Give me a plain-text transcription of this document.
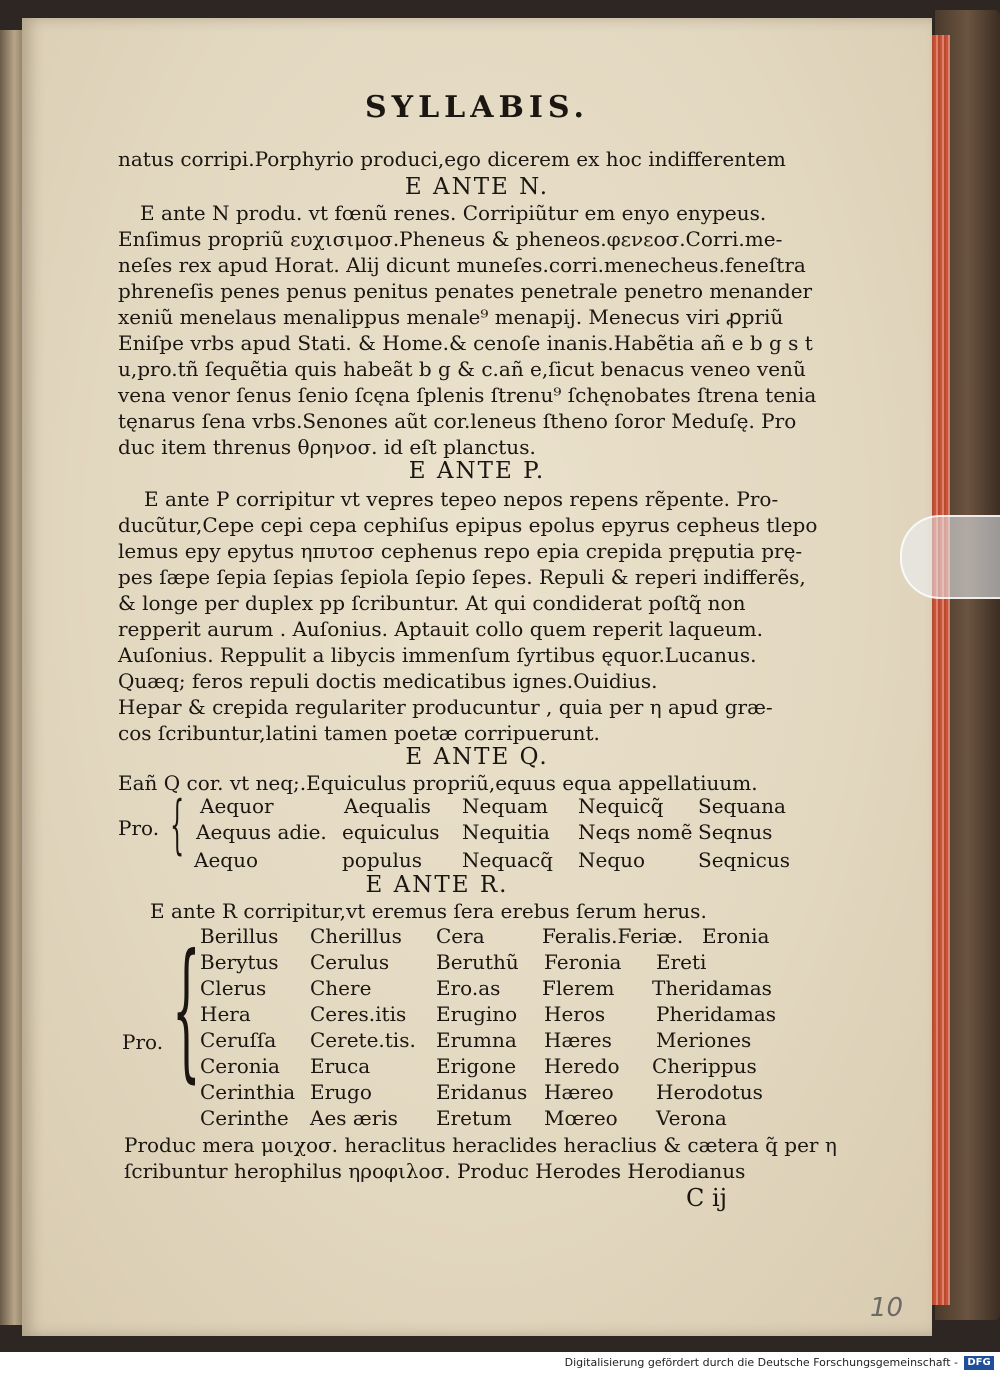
SYLLABIS.
natus corripi.Porphyrio produci,ego dicerem ex hoc indifferentem
E ANTE N.
E ante N produ. vt fœnũ renes. Corripiũtur em enyo enypeus.
Enſimus propriũ ευχισιμοσ.Pheneus & pheneos.φενεοσ.Corri.me-
neſes rex apud Horat. Alij dicunt muneſes.corri.menecheus.feneſtra
phreneſis penes penus penitus penates penetrale penetro menander
xeniũ menelaus menalippus menale⁹ menapij. Menecus viri ꝓpriũ
Eniſpe vrbs apud Stati. & Home.& cenoſe inanis.Habẽtia añ e b g s t
u,pro.tñ ſequẽtia quis habeãt b g & c.añ e,ſicut benacus veneo venũ
vena venor ſenus ſenio ſcęna ſplenis ſtrenu⁹ ſchęnobates ſtrena tenia
tęnarus ſena vrbs.Senones aũt cor.leneus ſtheno ſoror Meduſę. Pro
duc item threnus θρηνοσ. id eſt planctus.
E ANTE P.
E ante P corripitur vt vepres tepeo nepos repens rẽpente. Pro-
ducũtur,Cepe cepi cepa cephiſus epipus epolus epyrus cepheus tlepo
lemus epy epytus ηπυτοσ cephenus repo epia crepida pręputia prę-
pes ſæpe ſepia ſepias ſepiola ſepio ſepes. Repuli & reperi indifferẽs,
& longe per duplex pp ſcribuntur. At qui condiderat poſtq̃ non
repperit aurum . Auſonius. Aptauit collo quem reperit laqueum.
Auſonius. Reppulit a libycis immenſum ſyrtibus ęquor.Lucanus.
Quæq; feros repuli doctis medicatibus ignes.Ouidius.
Hepar & crepida regulariter producuntur , quia per η apud græ-
cos ſcribuntur,latini tamen poetæ corripuerunt.
E ANTE Q.
Eañ Q cor. vt neq;.Equiculus propriũ,equus equa appellatiuum.
{
Pro.
Aequor	Aequalis Nequam Nequicq̃ Sequana
Aequus adie. equiculus Nequitia Neqs nomẽ Seqnus
Aequo	populus Nequacq̃ Nequo	Seqnicus
E ANTE R.
E ante R corripitur,vt eremus ſera erebus ſerum herus.
{
Pro.
Berillus Cherillus Cera	Feralis.Feriæ. Eronia
Berytus Cerulus Beruthũ Feronia Ereti
Clerus Chere	Ero.as Flerem Theridamas
Hera	Ceres.itis Erugino Heros	Pheridamas
Ceruſſa Cerete.tis. Erumna Hæres Meriones
Ceronia Eruca	Erigone Heredo Cherippus
Cerinthia Erugo	Eridanus Hæreo Herodotus
Cerinthe Aes æris Eretum Mœreo Verona
Produc mera μοιχοσ. heraclitus heraclides heraclius & cætera q̃ per η
ſcribuntur herophilus ηροφιλοσ. Produc Herodes Herodianus
C ij
10
Digitalisierung gefördert durch die Deutsche Forschungsgemeinschaft - DFG
